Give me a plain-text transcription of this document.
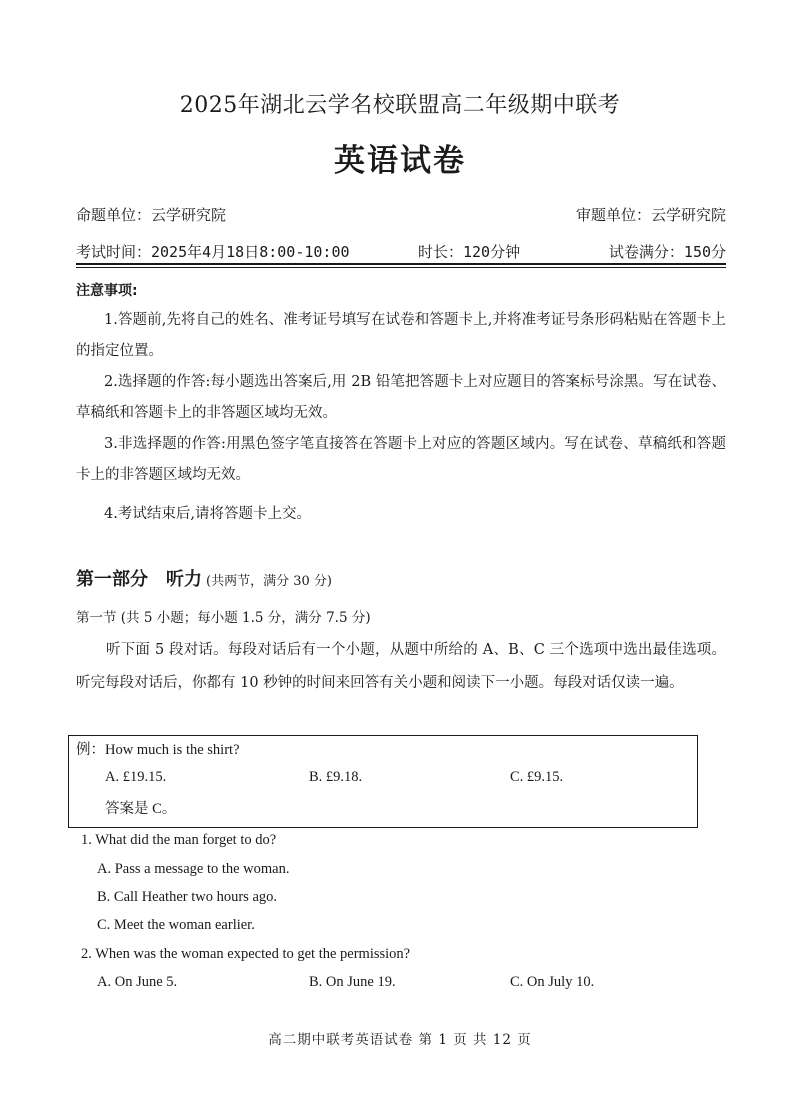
2025年湖北云学名校联盟高二年级期中联考
英语试卷
命题单位：云学研究院	审题单位：云学研究院
考试时间：2025年4月18日8:00-10:00	时长：120分钟	试卷满分：150分
注意事项:
1.答题前,先将自己的姓名、准考证号填写在试卷和答题卡上,并将准考证号条形码粘贴在答题卡上的指定位置。
2.选择题的作答:每小题选出答案后,用 2B 铅笔把答题卡上对应题目的答案标号涂黑。写在试卷、草稿纸和答题卡上的非答题区域均无效。
3.非选择题的作答:用黑色签字笔直接答在答题卡上对应的答题区域内。写在试卷、草稿纸和答题卡上的非答题区域均无效。
4.考试结束后,请将答题卡上交。
第一部分　听力 (共两节，满分 30 分)
第一节 (共 5 小题；每小题 1.5 分，满分 7.5 分)
听下面 5 段对话。每段对话后有一个小题，从题中所给的 A、B、C 三个选项中选出最佳选项。听完每段对话后，你都有 10 秒钟的时间来回答有关小题和阅读下一小题。每段对话仅读一遍。
例：How much is the shirt?
A. £19.15.	B. £9.18.	C. £9.15.
答案是 C。
1. What did the man forget to do?
A. Pass a message to the woman.
B. Call Heather two hours ago.
C. Meet the woman earlier.
2. When was the woman expected to get the permission?
A. On June 5.	B. On June 19.	C. On July 10.
高二期中联考英语试卷 第 1 页 共 12 页
